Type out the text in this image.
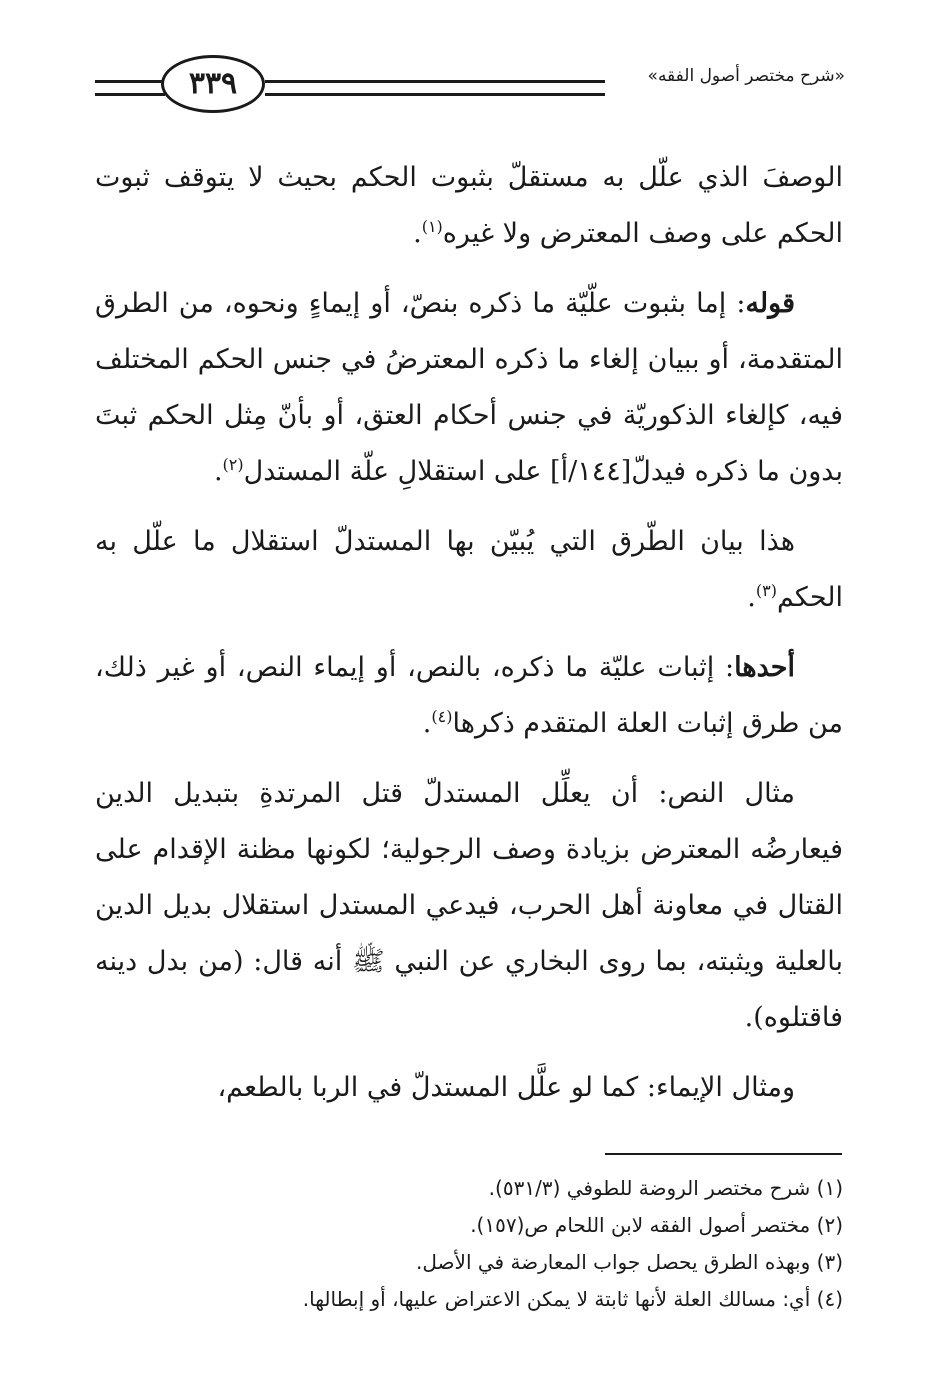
٣٣٩	«شرح مختصر أصول الفقه»

الوصفَ الذي علّل به مستقلّ بثبوت الحكم بحيث لا يتوقف ثبوت الحكم على وصف المعترض ولا غيره$^{(١)}$.

قوله: إما بثبوت علّيّة ما ذكره بنصّ، أو إيماءٍ ونحوه، من الطرق المتقدمة، أو ببيان إلغاء ما ذكره المعترضُ في جنس الحكم المختلف فيه، كإلغاء الذكوريّة في جنس أحكام العتق، أو بأنّ مِثل الحكم ثبتَ بدون ما ذكره فيدلّ[١٤٤/أ] على استقلالِ علّة المستدل$^{(٢)}$.

هذا بيان الطّرق التي يُبيّن بها المستدلّ استقلال ما علّل به الحكم$^{(٣)}$.

أحدها: إثبات عليّة ما ذكره، بالنص، أو إيماء النص، أو غير ذلك، من طرق إثبات العلة المتقدم ذكرها$^{(٤)}$.

مثال النص: أن يعلِّل المستدلّ قتل المرتدةِ بتبديل الدين فيعارضُه المعترض بزيادة وصف الرجولية؛ لكونها مظنة الإقدام على القتال في معاونة أهل الحرب، فيدعي المستدل استقلال بديل الدين بالعلية ويثبته، بما روى البخاري عن النبي ﷺ أنه قال: (من بدل دينه فاقتلوه).

ومثال الإيماء: كما لو علَّل المستدلّ في الربا بالطعم،

(١) شرح مختصر الروضة للطوفي (٥٣١/٣).

(٢) مختصر أصول الفقه لابن اللحام ص(١٥٧).

(٣) وبهذه الطرق يحصل جواب المعارضة في الأصل.

(٤) أي: مسالك العلة لأنها ثابتة لا يمكن الاعتراض عليها، أو إبطالها.
